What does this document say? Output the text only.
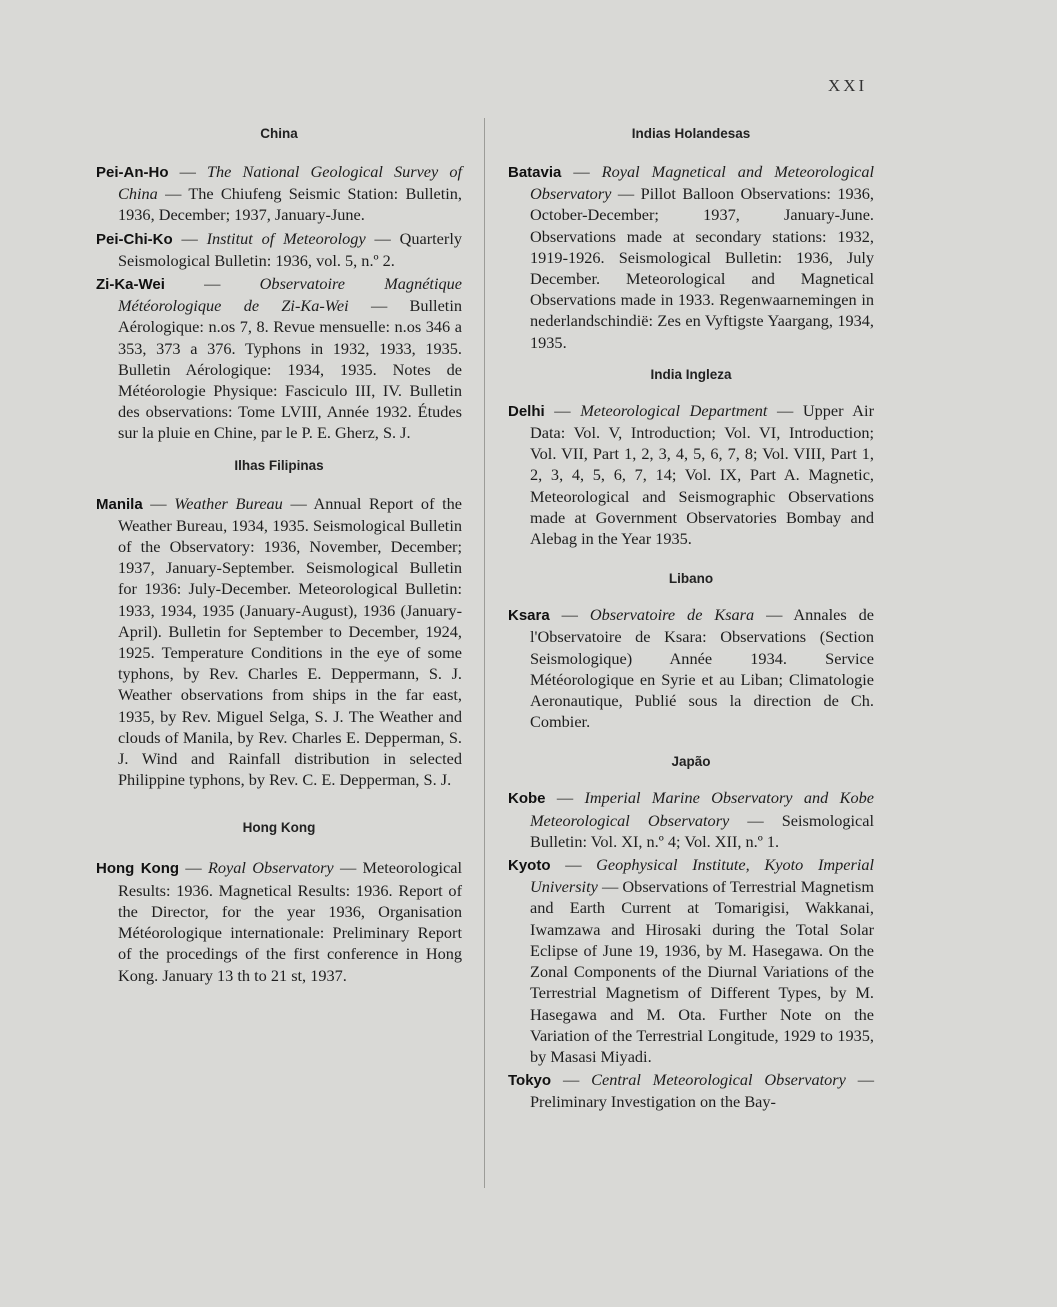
XXI
China

Pei-An-Ho — The National Geological Survey of China — The Chiufeng Seismic Station: Bulletin, 1936, December; 1937, January-June.

Pei-Chi-Ko — Institut of Meteorology — Quarterly Seismological Bulletin: 1936, vol. 5, n.º 2.

Zi-Ka-Wei — Observatoire Magnétique Météorologique de Zi-Ka-Wei — Bulletin Aérologique: n.os 7, 8. Revue mensuelle: n.os 346 a 353, 373 a 376. Typhons in 1932, 1933, 1935. Bulletin Aérologique: 1934, 1935. Notes de Météorologie Physique: Fasciculo III, IV. Bulletin des observations: Tome LVIII, Année 1932. Études sur la pluie en Chine, par le P. E. Gherz, S. J.

Ilhas Filipinas

Manila — Weather Bureau — Annual Report of the Weather Bureau, 1934, 1935. Seismological Bulletin of the Observatory: 1936, November, December; 1937, January-September. Seismological Bulletin for 1936: July-December. Meteorological Bulletin: 1933, 1934, 1935 (January-August), 1936 (January-April). Bulletin for September to December, 1924, 1925. Temperature Conditions in the eye of some typhons, by Rev. Charles E. Deppermann, S. J. Weather observations from ships in the far east, 1935, by Rev. Miguel Selga, S. J. The Weather and clouds of Manila, by Rev. Charles E. Depperman, S. J. Wind and Rainfall distribution in selected Philippine typhons, by Rev. C. E. Depperman, S. J.

Hong Kong

Hong Kong — Royal Observatory — Meteorological Results: 1936. Magnetical Results: 1936. Report of the Director, for the year 1936, Organisation Météorologique internationale: Preliminary Report of the procedings of the first conference in Hong Kong. January 13 th to 21 st, 1937.

Indias Holandesas

Batavia — Royal Magnetical and Meteorological Observatory — Pillot Balloon Observations: 1936, October-December; 1937, January-June. Observations made at secondary stations: 1932, 1919-1926. Seismological Bulletin: 1936, July December. Meteorological and Magnetical Observations made in 1933. Regenwaarnemingen in nederlandschindië: Zes en Vyftigste Yaargang, 1934, 1935.

India Ingleza

Delhi — Meteorological Department — Upper Air Data: Vol. V, Introduction; Vol. VI, Introduction; Vol. VII, Part 1, 2, 3, 4, 5, 6, 7, 8; Vol. VIII, Part 1, 2, 3, 4, 5, 6, 7, 14; Vol. IX, Part A. Magnetic, Meteorological and Seismographic Observations made at Government Observatories Bombay and Alebag in the Year 1935.

Libano

Ksara — Observatoire de Ksara — Annales de l'Observatoire de Ksara: Observations (Section Seismologique) Année 1934. Service Météorologique en Syrie et au Liban; Climatologie Aeronautique, Publié sous la direction de Ch. Combier.

Japão

Kobe — Imperial Marine Observatory and Kobe Meteorological Observatory — Seismological Bulletin: Vol. XI, n.º 4; Vol. XII, n.º 1.

Kyoto — Geophysical Institute, Kyoto Imperial University — Observations of Terrestrial Magnetism and Earth Current at Tomarigisi, Wakkanai, Iwamzawa and Hirosaki during the Total Solar Eclipse of June 19, 1936, by M. Hasegawa. On the Zonal Components of the Diurnal Variations of the Terrestrial Magnetism of Different Types, by M. Hasegawa and M. Ota. Further Note on the Variation of the Terrestrial Longitude, 1929 to 1935, by Masasi Miyadi.

Tokyo — Central Meteorological Observatory — Preliminary Investigation on the Bay-
